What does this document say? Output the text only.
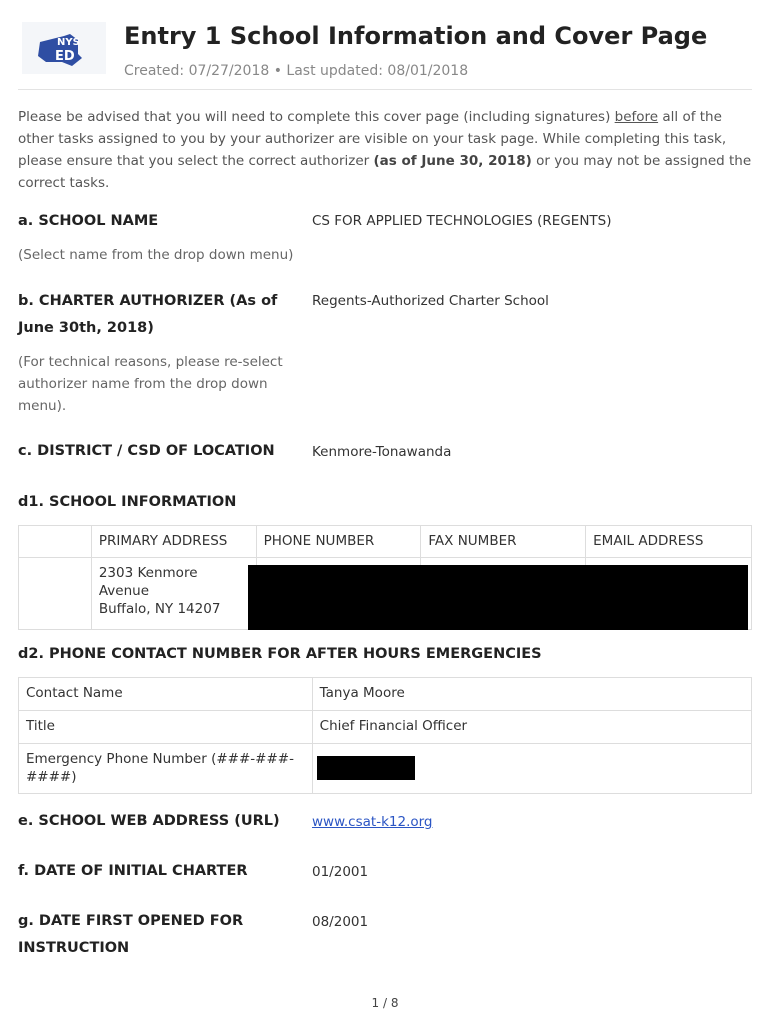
NYS
ED
Entry 1 School Information and Cover Page
Created: 07/27/2018 • Last updated: 08/01/2018
Please be advised that you will need to complete this cover page (including signatures) before all of the other tasks assigned to you by your authorizer are visible on your task page. While completing this task, please ensure that you select the correct authorizer (as of June 30, 2018) or you may not be assigned the correct tasks.
a. SCHOOL NAME	CS FOR APPLIED TECHNOLOGIES (REGENTS)
(Select name from the drop down menu)
b. CHARTER AUTHORIZER (As of
June 30th, 2018)
Regents-Authorized Charter School
(For technical reasons, please re-select
authorizer name from the drop down
menu).
c. DISTRICT / CSD OF LOCATION	Kenmore-Tonawanda
d1. SCHOOL INFORMATION
	PRIMARY ADDRESS	PHONE NUMBER	FAX NUMBER	EMAIL ADDRESS

	2303 Kenmore
Avenue
Buffalo, NY 14207			

d2. PHONE CONTACT NUMBER FOR AFTER HOURS EMERGENCIES
Contact Name	Tanya Moore
Title	Chief Financial Officer

Emergency Phone Number (###-###-
####)	

e. SCHOOL WEB ADDRESS (URL) www.csat-k12.org
f. DATE OF INITIAL CHARTER	01/2001
g. DATE FIRST OPENED FOR
INSTRUCTION
08/2001
1 / 8
